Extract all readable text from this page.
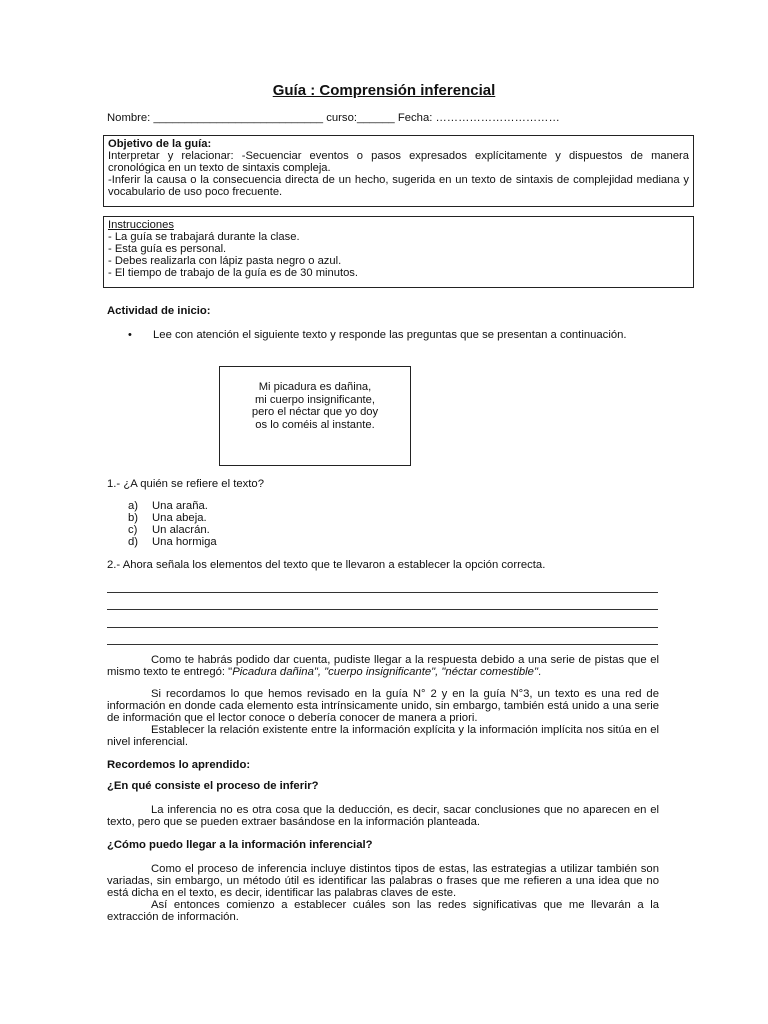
Guía : Comprensión inferencial
Nombre: ___________________________ curso:______ Fecha: ……………………………
Objetivo de la guía:
Interpretar y relacionar: -Secuenciar eventos o pasos expresados explícitamente y dispuestos de manera cronológica en un texto de sintaxis compleja.
-Inferir la causa o la consecuencia directa de un hecho, sugerida en un texto de sintaxis de complejidad mediana y vocabulario de uso poco frecuente.
Instrucciones
- La guía se trabajará durante la clase.
- Esta guía es personal.
- Debes realizarla con lápiz pasta negro o azul.
- El tiempo de trabajo de la guía es de 30 minutos.
Actividad de inicio:
• Lee con atención el siguiente texto y responde las preguntas que se presentan a continuación.
Mi picadura es dañina,
mi cuerpo insignificante,
pero el néctar que yo doy
os lo coméis al instante.
1.- ¿A quién se refiere el texto?
a)	Una araña.
b)	Una abeja.
c)	Un alacrán.
d)	Una hormiga
2.- Ahora señala los elementos del texto que te llevaron a establecer la opción correcta.
Como te habrás podido dar cuenta, pudiste llegar a la respuesta debido a una serie de pistas que el mismo texto te entregó: "Picadura dañina", "cuerpo insignificante", "néctar comestible".
Si recordamos lo que hemos revisado en la guía N° 2 y en la guía N°3, un texto es una red de información en donde cada elemento esta intrínsicamente unido, sin embargo, también está unido a una serie de información que el lector conoce o debería conocer de manera a priori.
Establecer la relación existente entre la información explícita y la información implícita nos sitúa en el nivel inferencial.
Recordemos lo aprendido:
¿En qué consiste el proceso de inferir?
La inferencia no es otra cosa que la deducción, es decir, sacar conclusiones que no aparecen en el texto, pero que se pueden extraer basándose en la información planteada.
¿Cómo puedo llegar a la información inferencial?
Como el proceso de inferencia incluye distintos tipos de estas, las estrategias a utilizar también son variadas, sin embargo, un método útil es identificar las palabras o frases que me refieren a una idea que no está dicha en el texto, es decir, identificar las palabras claves de este.
Así entonces comienzo a establecer cuáles son las redes significativas que me llevarán a la extracción de información.
